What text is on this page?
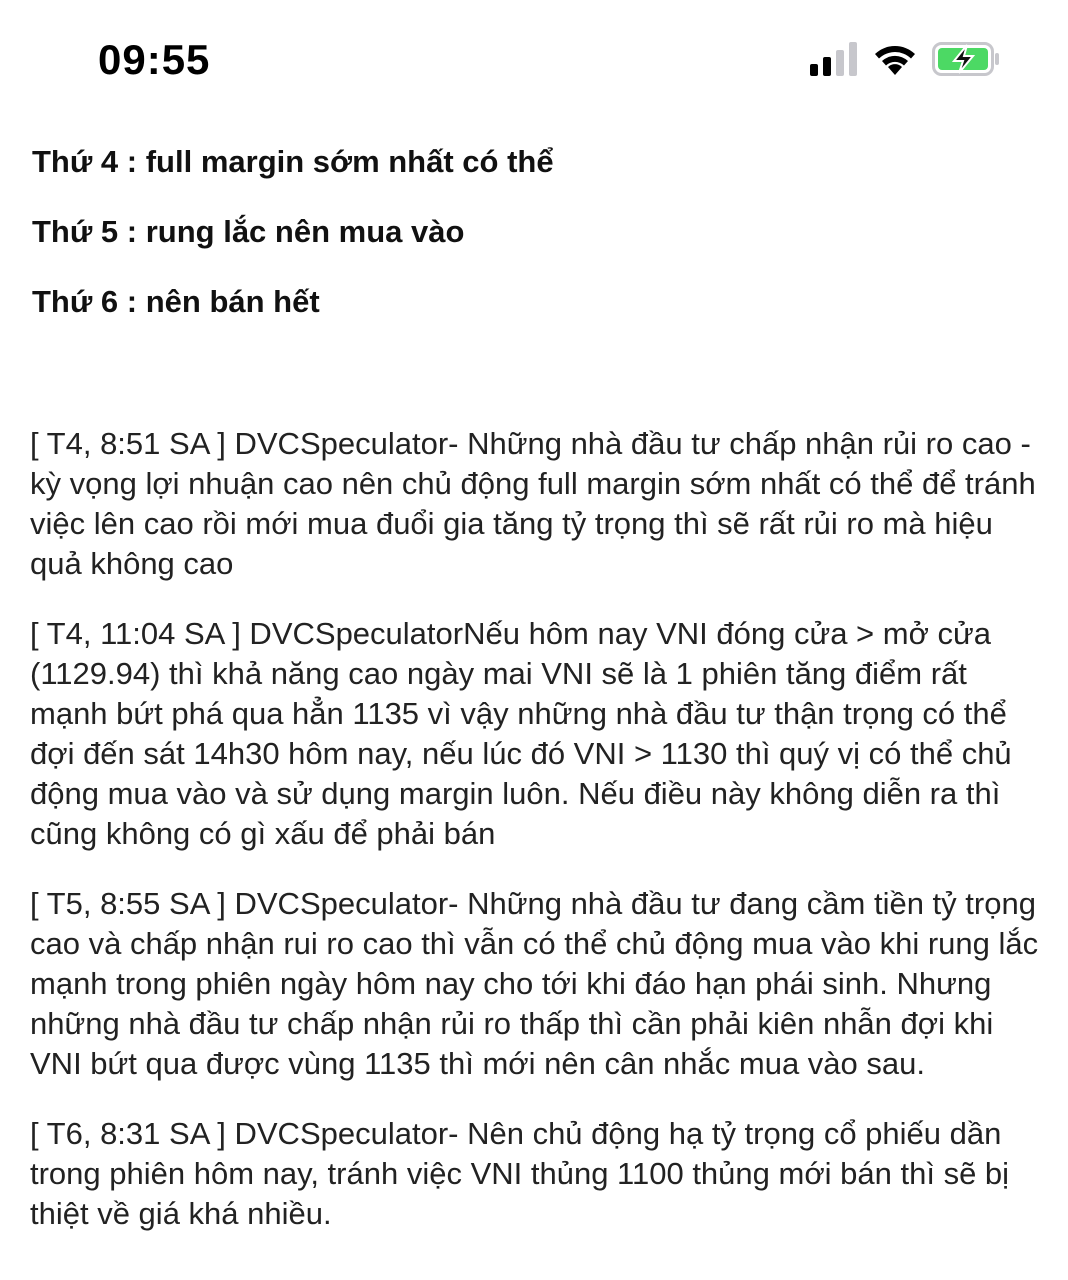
09:55
Thứ 4 : full margin sớm nhất có thể
Thứ 5 : rung lắc nên mua vào
Thứ 6 : nên bán hết

[ T4, 8:51 SA ] DVCSpeculator- Những nhà đầu tư chấp nhận rủi ro cao - kỳ vọng lợi nhuận cao nên chủ động full margin sớm nhất có thể để tránh việc lên cao rồi mới mua đuổi gia tăng tỷ trọng thì sẽ rất rủi ro mà hiệu quả không cao

[ T4, 11:04 SA ] DVCSpeculatorNếu hôm nay VNI đóng cửa > mở cửa (1129.94) thì khả năng cao ngày mai VNI sẽ là 1 phiên tăng điểm rất mạnh bứt phá qua hẳn 1135 vì vậy những nhà đầu tư thận trọng có thể đợi đến sát 14h30 hôm nay, nếu lúc đó VNI > 1130 thì quý vị có thể chủ động mua vào và sử dụng margin luôn. Nếu điều này không diễn ra thì cũng không có gì xấu để phải bán

[ T5, 8:55 SA ] DVCSpeculator- Những nhà đầu tư đang cầm tiền tỷ trọng cao và chấp nhận rui ro cao thì vẫn có thể chủ động mua vào khi rung lắc mạnh trong phiên ngày hôm nay cho tới khi đáo hạn phái sinh. Nhưng những nhà đầu tư chấp nhận rủi ro thấp thì cần phải kiên nhẫn đợi khi VNI bứt qua được vùng 1135 thì mới nên cân nhắc mua vào sau.

[ T6, 8:31 SA ] DVCSpeculator- Nên chủ động hạ tỷ trọng cổ phiếu dần trong phiên hôm nay, tránh việc VNI thủng 1100 thủng mới bán thì sẽ bị thiệt về giá khá nhiều.
